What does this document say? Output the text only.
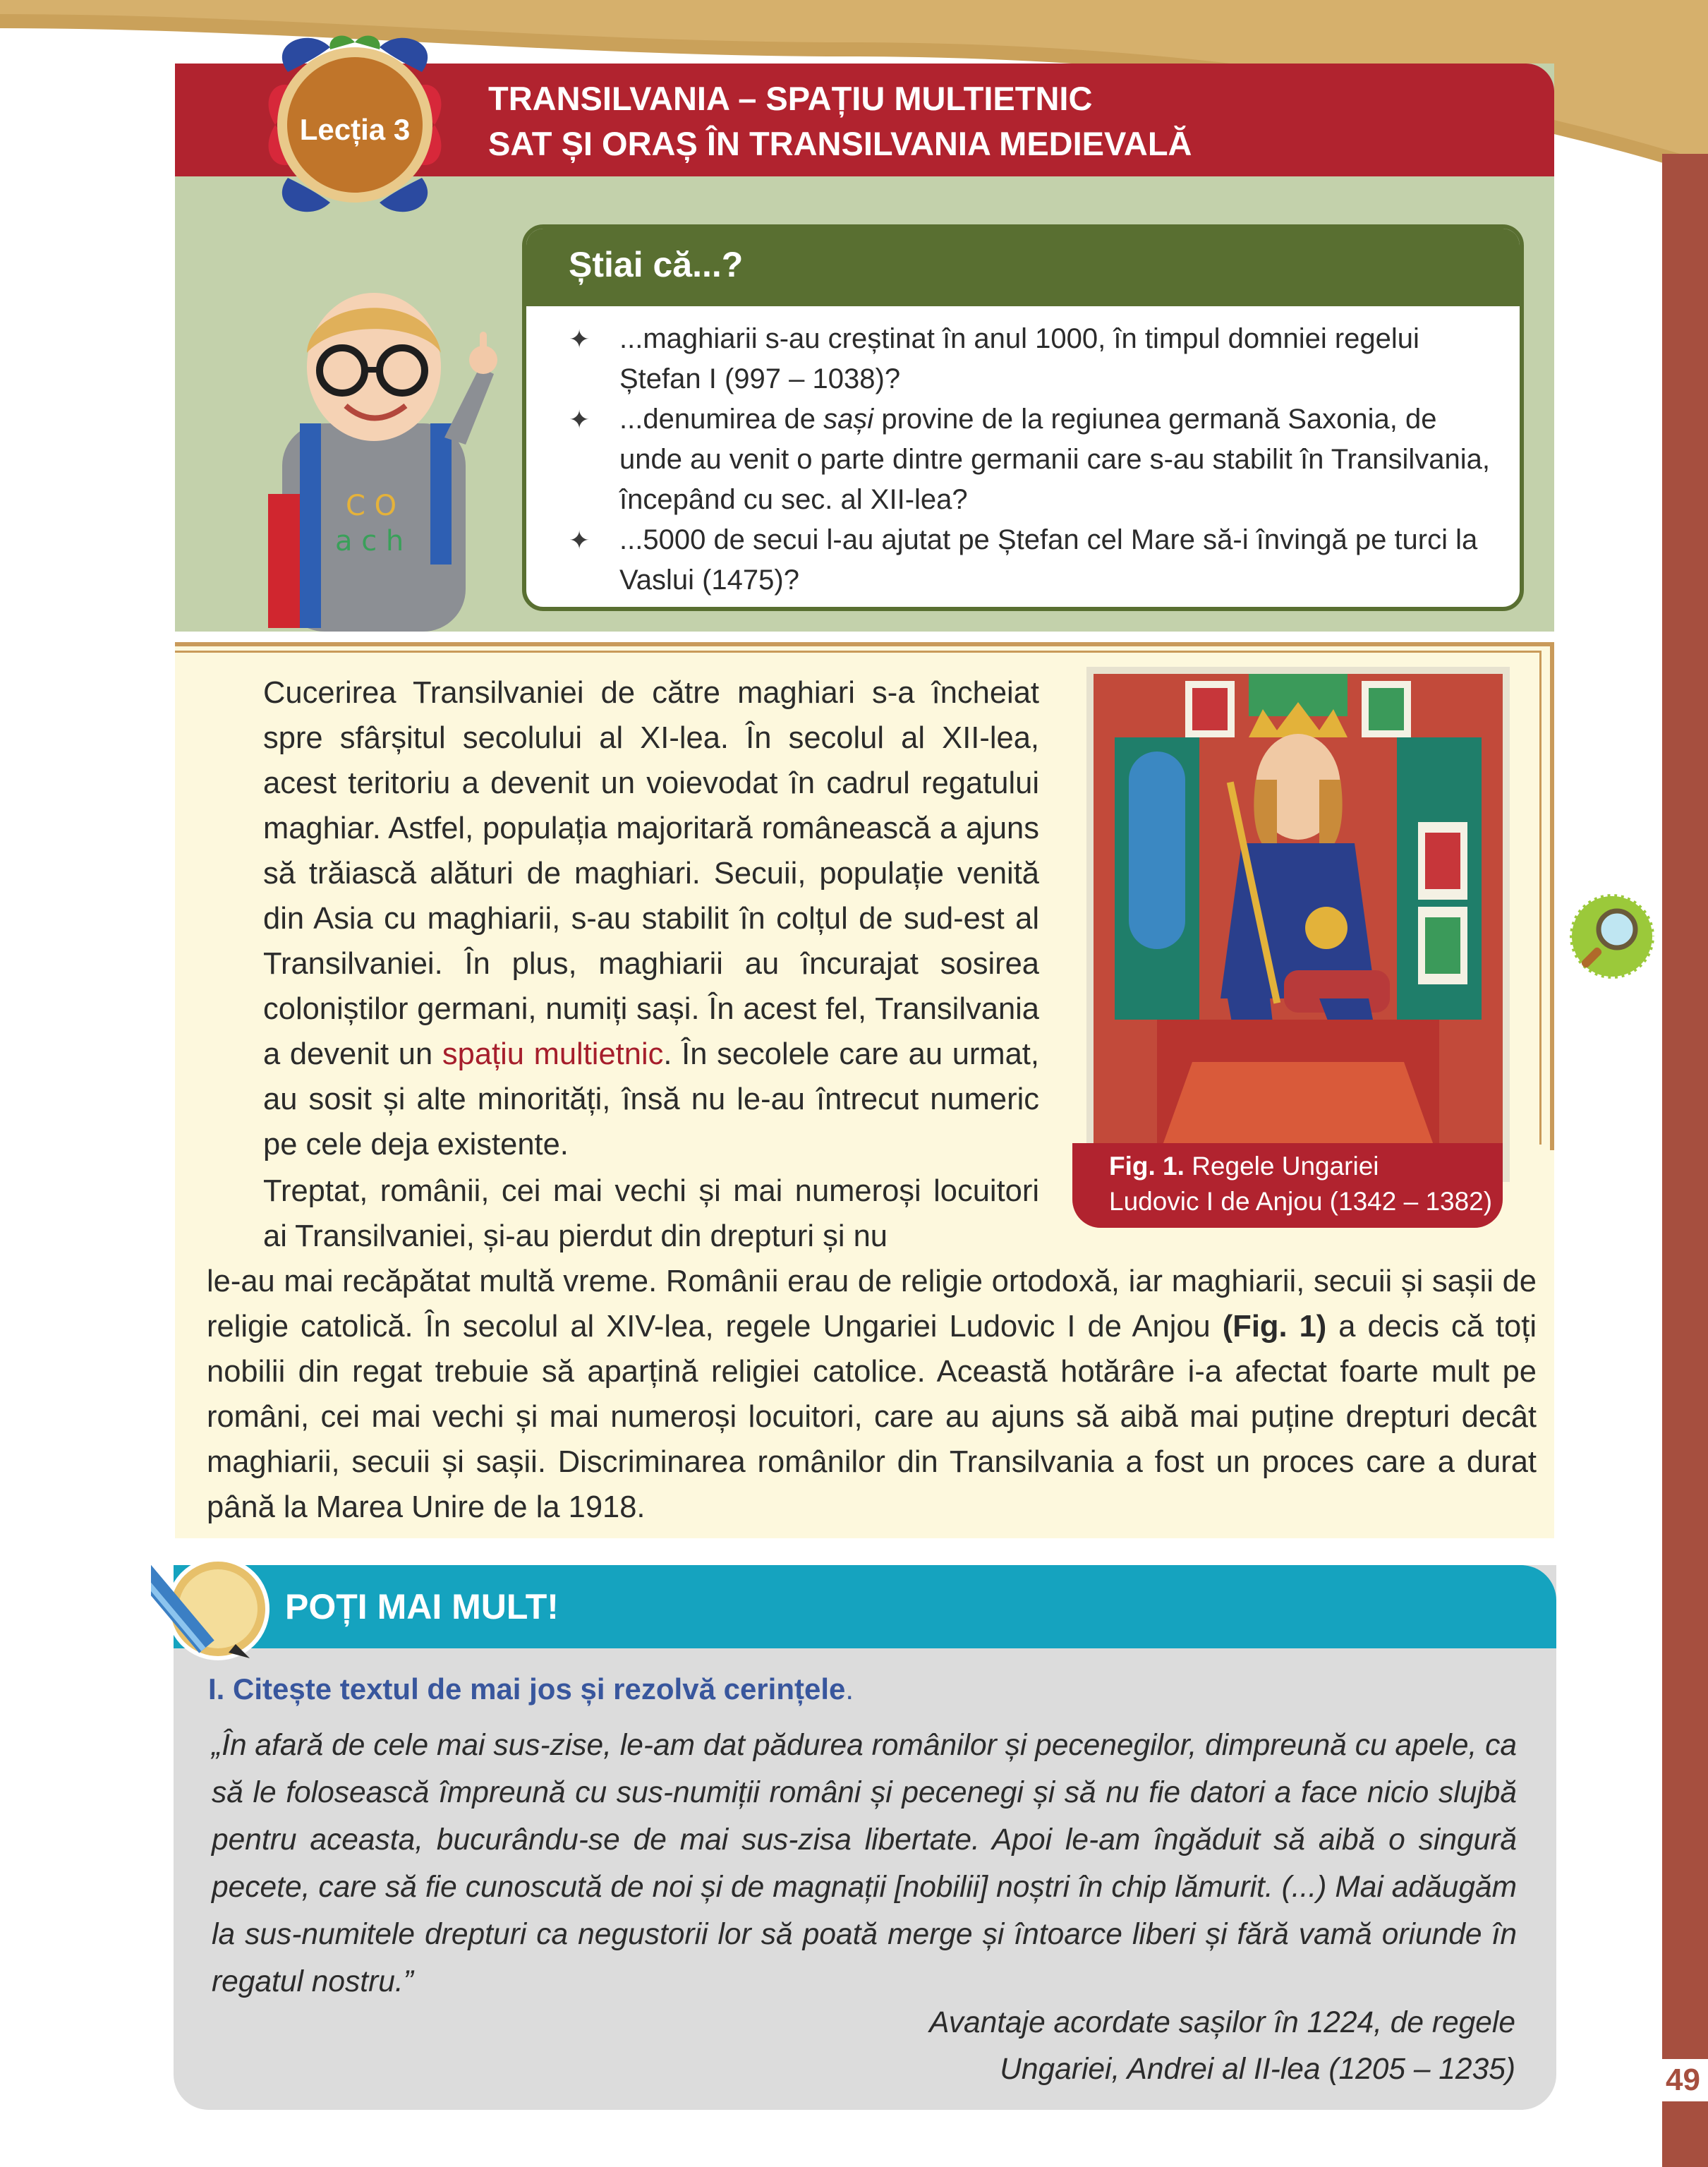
49
TRANSILVANIA – SPAȚIU MULTIETNIC
SAT ȘI ORAȘ ÎN TRANSILVANIA MEDIEVALĂ
Lecția 3
C O
a c h
Știai că...?
✦ ...maghiarii s-au creștinat în anul 1000, în timpul domniei regelui Ștefan I (997 – 1038)?
✦ ...denumirea de sași provine de la regiunea germană Saxonia, de unde au venit o parte dintre germanii care s-au stabilit în Transilvania, începând cu sec. al XII-lea?
✦ ...5000 de secui l-au ajutat pe Ștefan cel Mare să-i învingă pe turci la Vaslui (1475)?

Cucerirea Transilvaniei de către maghiari s-a încheiat spre sfârșitul secolului al XI-lea. În secolul al XII-lea, acest teritoriu a devenit un voievodat în cadrul regatului maghiar. Astfel, populația majoritară românească a ajuns să trăiască alături de maghiari. Secuii, populație venită din Asia cu maghiarii, s-au stabilit în colțul de sud-est al Transilvaniei. În plus, maghiarii au încurajat sosirea coloniștilor germani, numiți sași. În acest fel, Transilvania a devenit un spațiu multietnic. În secolele care au urmat, au sosit și alte minorități, însă nu le-au întrecut numeric pe cele deja existente.

Treptat, românii, cei mai vechi și mai numeroși locuitori ai Transilvaniei, și-au pierdut din drepturi și nu

le-au mai recăpătat multă vreme. Românii erau de religie ortodoxă, iar maghiarii, secuii și sașii de religie catolică. În secolul al XIV-lea, regele Ungariei Ludovic I de Anjou (Fig. 1) a decis că toți nobilii din regat trebuie să aparțină religiei catolice. Această hotărâre i-a afectat foarte mult pe români, cei mai vechi și mai numeroși locuitori, care au ajuns să aibă mai puține drepturi decât maghiarii, secuii și sașii. Discriminarea românilor din Transilvania a fost un proces care a durat până la Marea Unire de la 1918.

Fig. 1. Regele Ungariei
Ludovic I de Anjou (1342 – 1382)
POȚI MAI MULT!
I. Citește textul de mai jos și rezolvă cerințele.

„În afară de cele mai sus-zise, le-am dat pădurea românilor și pecenegilor, dimpreună cu apele, ca să le folosească împreună cu sus-numiții români și pecenegi și să nu fie datori a face nicio slujbă pentru aceasta, bucurându-se de mai sus-zisa libertate. Apoi le-am îngăduit să aibă o singură pecete, care să fie cunoscută de noi și de magnații [nobilii] noștri în chip lămurit. (...) Mai adăugăm la sus-numitele drepturi ca negustorii lor să poată merge și întoarce liberi și fără vamă oriunde în regatul nostru.”

Avantaje acordate sașilor în 1224, de regele
Ungariei, Andrei al II-lea (1205 – 1235)
